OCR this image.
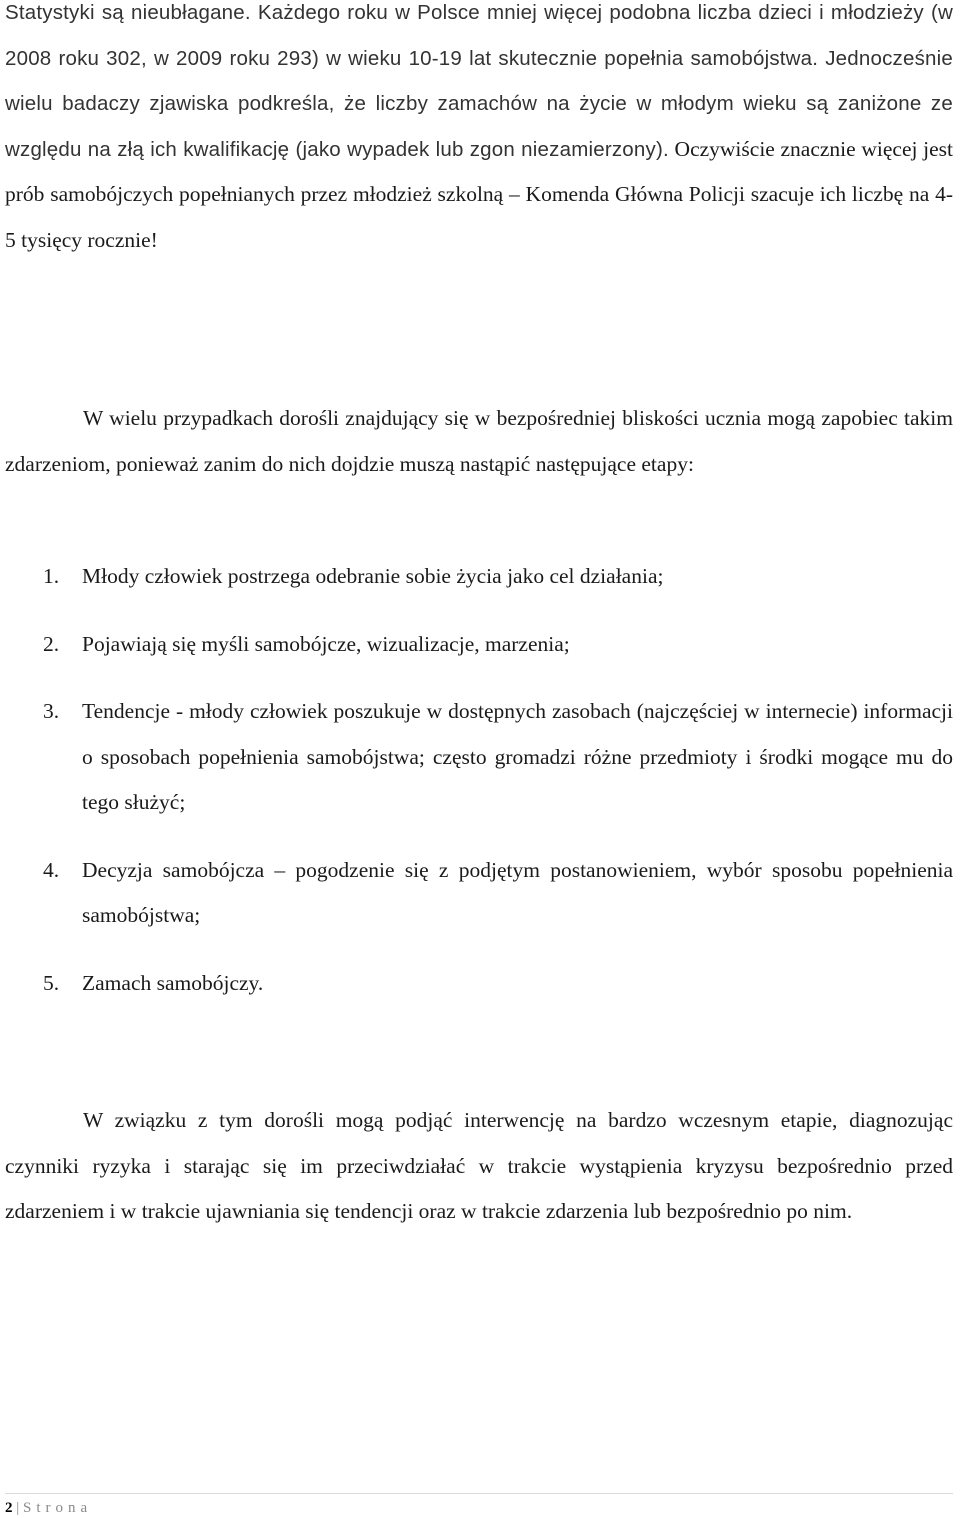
Statystyki są nieubłagane. Każdego roku w Polsce mniej więcej podobna liczba dzieci i młodzieży (w 2008 roku 302, w 2009 roku 293) w wieku 10-19 lat skutecznie popełnia samobójstwa. Jednocześnie wielu badaczy zjawiska podkreśla, że liczby zamachów na życie w młodym wieku są zaniżone ze względu na złą ich kwalifikację (jako wypadek lub zgon niezamierzony). Oczywiście znacznie więcej jest prób samobójczych popełnianych przez młodzież szkolną – Komenda Główna Policji szacuje ich liczbę na 4-5 tysięcy rocznie!

W wielu przypadkach dorośli znajdujący się w bezpośredniej bliskości ucznia mogą zapobiec takim zdarzeniom, ponieważ zanim do nich dojdzie muszą nastąpić następujące etapy:

1. Młody człowiek postrzega odebranie sobie życia jako cel działania;
2. Pojawiają się myśli samobójcze, wizualizacje, marzenia;
3. Tendencje - młody człowiek poszukuje w dostępnych zasobach (najczęściej w internecie) informacji o sposobach popełnienia samobójstwa; często gromadzi różne przedmioty i środki mogące mu do tego służyć;
4. Decyzja samobójcza – pogodzenie się z podjętym postanowieniem, wybór sposobu popełnienia samobójstwa;
5. Zamach samobójczy.

W związku z tym dorośli mogą podjąć interwencję na bardzo wczesnym etapie, diagnozując czynniki ryzyka i starając się im przeciwdziałać w trakcie wystąpienia kryzysu bezpośrednio przed zdarzeniem i w trakcie ujawniania się tendencji oraz w trakcie zdarzenia lub bezpośrednio po nim.

2 | Strona
